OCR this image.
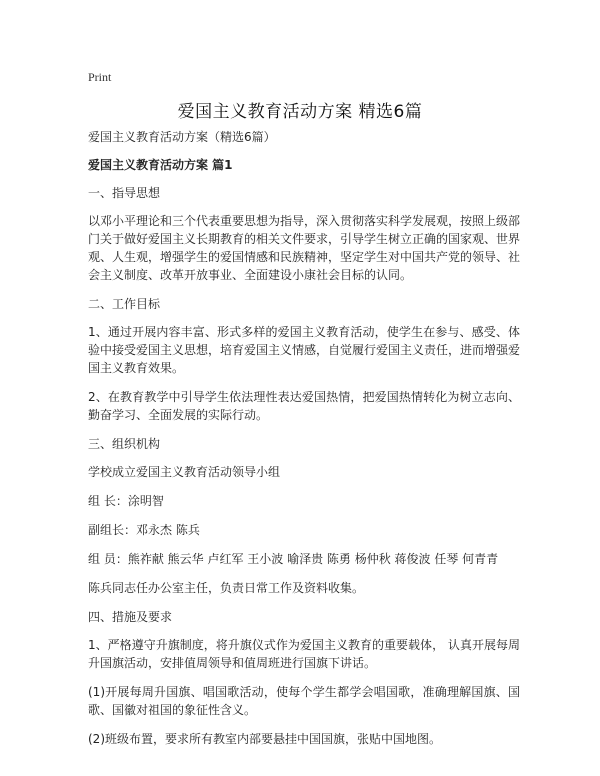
Print
爱国主义教育活动方案 精选6篇

爱国主义教育活动方案（精选6篇）

爱国主义教育活动方案 篇1

一、指导思想

以邓小平理论和三个代表重要思想为指导，深入贯彻落实科学发展观，按照上级部门关于做好爱国主义长期教育的相关文件要求，引导学生树立正确的国家观、世界观、人生观，增强学生的爱国情感和民族精神，坚定学生对中国共产党的领导、社会主义制度、改革开放事业、全面建设小康社会目标的认同。

二、工作目标

1、通过开展内容丰富、形式多样的爱国主义教育活动，使学生在参与、感受、体验中接受爱国主义思想，培育爱国主义情感，自觉履行爱国主义责任，进而增强爱国主义教育效果。

2、在教育教学中引导学生依法理性表达爱国热情，把爱国热情转化为树立志向、勤奋学习、全面发展的实际行动。

三、组织机构

学校成立爱国主义教育活动领导小组

组 长：涂明智

副组长：邓永杰 陈兵

组 员：熊祚献 熊云华 卢红军 王小波 喻泽贵 陈勇 杨仲秋 蒋俊波 任琴 何青青

陈兵同志任办公室主任，负责日常工作及资料收集。

四、措施及要求

1、严格遵守升旗制度，将升旗仪式作为爱国主义教育的重要载体， 认真开展每周升国旗活动，安排值周领导和值周班进行国旗下讲话。

(1)开展每周升国旗、唱国歌活动，使每个学生都学会唱国歌，准确理解国旗、国歌、国徽对祖国的象征性含义。

(2)班级布置，要求所有教室内部要悬挂中国国旗，张贴中国地图。
